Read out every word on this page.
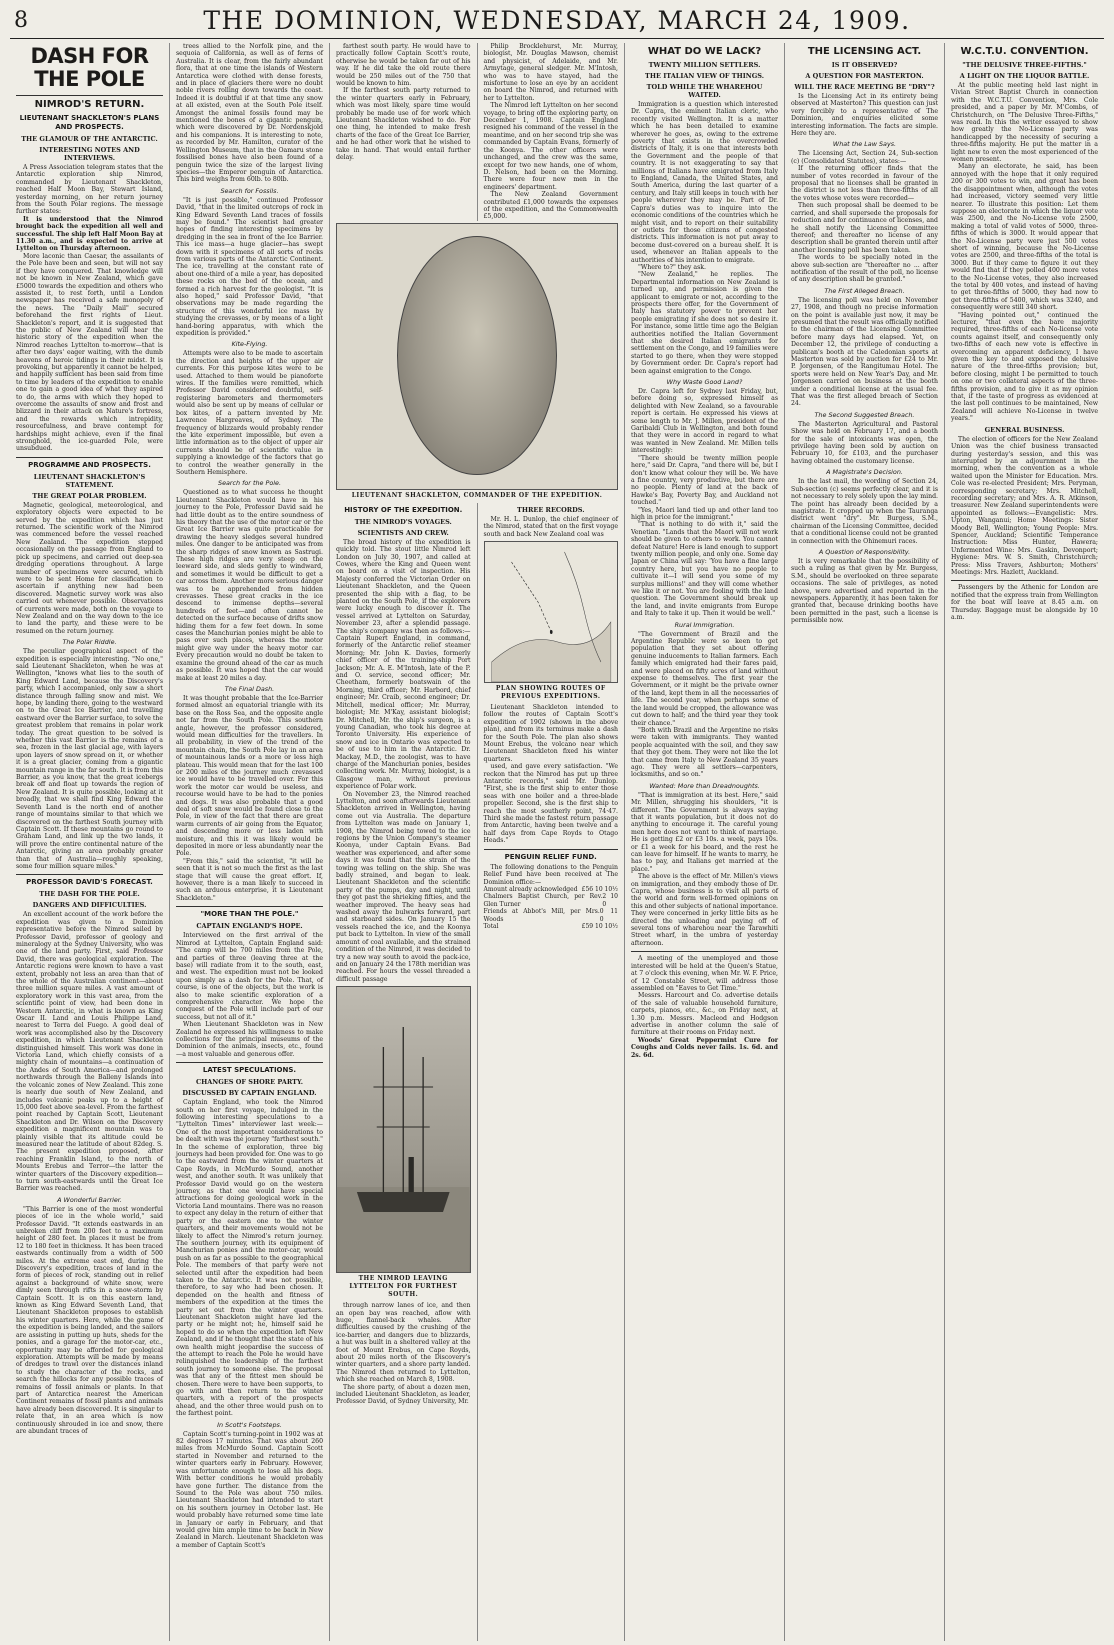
8	THE DOMINION, WEDNESDAY, MARCH 24, 1909.
DASH FOR THE POLE
NIMROD'S RETURN.
LIEUTENANT SHACKLETON'S PLANS AND PROSPECTS.
THE GLAMOUR OF THE ANTARCTIC.
INTERESTING NOTES AND INTERVIEWS.

A Press Association telegram states that the Antarctic exploration ship Nimrod, commanded by Lieutenant Shackleton, reached Half Moon Bay, Stewart Island, yesterday morning, on her return journey from the South Polar regions. The message further states:

It is understood that the Nimrod brought back the expedition all well and successful. The ship left Half Moon Bay at 11.30 a.m., and is expected to arrive at Lyttelton on Thursday afternoon.

More laconic than Caesar, the assailants of the Pole have been and seen, but will not say if they have conquered. That knowledge will not be known in New Zealand, which gave £5000 towards the expedition and others who assisted it, to rest forth, until a London newspaper has received a safe monopoly of the news. The "Daily Mail" secured beforehand the first rights of Lieut. Shackleton's report, and it is suggested that the public of New Zealand will hear the historic story of the expedition when the Nimrod reaches Lyttelton to-morrow—that is after two days' eager waiting, with the dumb heavens of heroic tidings in their midst. It is provoking, but apparently it cannot be helped, and happily sufficient has been said from time to time by leaders of the expedition to enable one to gain a good idea of what they aspired to do, the arms with which they hoped to overcome the assaults of snow and frost and blizzard in their attack on Nature's fortress, and the rewards which intrepidity, resourcefulness, and brave contempt for hardships might achieve, even if the final stronghold, the ice-guarded Pole, were unsubdued.

PROGRAMME AND PROSPECTS.
LIEUTENANT SHACKLETON'S STATEMENT.
THE GREAT POLAR PROBLEM.

Magnetic, geological, meteorological, and exploratory objects were expected to be served by the expedition which has just returned. The scientific work of the Nimrod was commenced before the vessel reached New Zealand. The expedition stepped occasionally on the passage from England to pick up specimens, and carried out deep-sea dredging operations throughout. A large number of specimens were secured, which were to be sent Home for classification to ascertain if anything new had been discovered. Magnetic survey work was also carried out whenever possible. Observations of currents were made, both on the voyage to New Zealand and on the way down to the ice to land the party, and these were to be resumed on the return journey.

The Polar Riddle.

The peculiar geographical aspect of the expedition is especially interesting. "No one," said Lieutenant Shackleton, when he was at Wellington, "knows what lies to the south of King Edward Land, because the Discovery's party, which I accompanied, only saw a short distance through falling snow and mist. We hope, by landing there, going to the westward on to the Great Ice Barrier, and travelling eastward over the Barrier surface, to solve the greatest problem that remains in polar work today. The great question to be solved is whether this vast Barrier is the remains of a sea, frozen in the last glacial age, with layers upon layers of snow spread on it, or whether it is a great glacier, coming from a gigantic mountain range in the far south. It is from this Barrier, as you know, that the great icebergs break off and float up towards the region of New Zealand. It is quite possible, looking at it broadly, that we shall find King Edward the Seventh Land is the north end of another range of mountains similar to that which we discovered on the farthest South journey with Captain Scott. If these mountains go round to Graham Land, and link up the two lands, it will prove the entire continental nature of the Antarctic, giving an area probably greater than that of Australia—roughly speaking, some four million square miles."

PROFESSOR DAVID'S FORECAST.
THE DASH FOR THE POLE.
DANGERS AND DIFFICULTIES.

An excellent account of the work before the expedition was given to a Dominion representative before the Nimrod sailed by Professor David, professor of geology and mineralogy at the Sydney University, who was one of the land party. First, said Professor David, there was geological exploration. The Antarctic regions were known to have a vast extent, probably not less an area than that of the whole of the Australian continent—about three million square miles. A vast amount of exploratory work in this vast area, from the scientific point of view, had been done in Western Antarctic, in what is known as King Oscar II. Land and Louis Philippe Land, nearest to Terra del Fuego. A good deal of work was accomplished also by the Discovery expedition, in which Lieutenant Shackleton distinguished himself. This work was done in Victoria Land, which chiefly consists of a mighty chain of mountains—a continuation of the Andes of South America—and prolonged northwards through the Balleny Islands into the volcanic zones of New Zealand. This zone is nearly due south of New Zealand, and includes volcanic peaks up to a height of 15,000 feet above sea-level. From the farthest point reached by Captain Scott, Lieutenant Shackleton and Dr. Wilson on the Discovery expedition a magnificent mountain was to plainly visible that its altitude could be measured near the latitude of about 82deg. S. The present expedition proposed, after reaching Franklin Island, to the north of Mounts Erebus and Terror—the latter the winter quarters of the Discovery expedition—to turn south-eastwards until the Great Ice Barrier was reached.

A Wonderful Barrier.

"This Barrier is one of the most wonderful pieces of ice in the whole world," said Professor David. "It extends eastwards in an unbroken cliff from 200 feet to a maximum height of 280 feet. In places it must be from 12 to 180 feet in thickness. It has been traced eastwards continually from a width of 500 miles. At the extreme east end, during the Discovery's expedition, traces of land in the form of pieces of rock, standing out in relief against a background of white snow, were dimly seen through rifts in a snow-storm by Captain Scott. It is on this eastern land, known as King Edward Seventh Land, that Lieutenant Shackleton proposes to establish his winter quarters. Here, while the game of the expedition is being landed, and the sailors are assisting in putting up huts, sheds for the ponies, and a garage for the motor-car, etc., opportunity may be afforded for geological exploration. Attempts will be made by means of dredges to trawl over the distances inland to study the character of the rocks, and search the hillocks for any possible traces of remains of fossil animals or plants. In that part of Antarctica nearest the American Continent remains of fossil plants and animals have already been discovered. It is singular to relate that, in an area which is now continuously shrouded in ice and snow, there are abundant traces of

trees allied to the Norfolk pine, and the sequoia of California, as well as of ferns of Australia. It is clear, from the fairly abundant flora, that at one time the islands of Western Antarctica were clothed with dense forests, and in place of glaciers there were no doubt noble rivers rolling down towards the coast. Indeed it is doubtful if at that time any snow at all existed, even at the South Pole itself. Amongst the animal fossils found may be mentioned the bones of a gigantic penguin, which were discovered by Dr. Nordenskjold and his companions. It is interesting to note, as recorded by Mr. Hamilton, curator of the Wellington Museum, that in the Oamaru stone fossilised bones have also been found of a penguin twice the size of the largest living species—the Emperor penguin of Antarctica. This bird weighs from 60lb. to 80lb.

Search for Fossils.

"It is just possible," continued Professor David, "that in the limited outcrops of rock in King Edward Seventh Land traces of fossils may be found." The scientist had greater hopes of finding interesting specimens by dredging in the sea in front of the Ice Barrier. This ice mass—a huge glacier—has swept down with it specimens of all sorts of rocks from various parts of the Antarctic Continent. The ice, travelling at the constant rate of about one-third of a mile a year, has deposited these rocks on the bed of the ocean, and formed a rich harvest for the geologist. "It is also hoped," said Professor David, "that observations may be made regarding the structure of this wonderful ice mass by studying the crevasses, or by means of a light hand-boring apparatus, with which the expedition is provided."

Kite-Flying.

Attempts were also to be made to ascertain the direction and heights of the upper air currents. For this purpose kites were to be used. Attached to them would be pianoforte wires. If the families were remitted, which Professor David considered doubtful, self-registering barometers and thermometers would also be sent up by means of cellular or box kites, of a pattern invented by Mr. Lawrence Hargreaves, of Sydney. The frequency of blizzards would probably render the kite experiment impossible, but even a little information as to the object of upper air currents should be of scientific value in supplying a knowledge of the factors that go to control the weather generally in the Southern Hemisphere.

Search for the Pole.

Questioned as to what success he thought Lieutenant Shackleton would have in his journey to the Pole, Professor David said he had little doubt as to the entire soundness of his theory that the use of the motor car or the Great Ice Barrier was quite practicable for drawing the heavy sledges several hundred miles. One danger to be anticipated was from the sharp ridges of snow known as Sastrugi. These high ridges are very steep on the leeward side, and sleds gently to windward, and sometimes it would be difficult to get a car across them. Another more serious danger was to be apprehended from hidden crevasses. These great cracks in the ice descend to immense depths—several hundreds of feet—and often cannot be detected on the surface because of drifts snow hiding them for a few feet down. In some cases the Manchurian ponies might be able to pass over such places, whereas the motor might give way under the heavy motor car. Every precaution would no doubt be taken to examine the ground ahead of the car as much as possible. It was hoped that the car would make at least 20 miles a day.

The Final Dash.

It was thought probable that the Ice-Barrier formed almost an equatorial triangle with its base on the Ross Sea, and the opposite angle not far from the South Pole. This southern angle, however, the professor considered, would mean difficulties for the travellers. In all probability, in view of the trend of the mountain chain, the South Pole lay in an area of mountainous lands or a more or less high plateau. This would mean that for the last 100 or 200 miles of the journey much crevassed ice would have to be travelled over. For this work the motor car would be useless, and recourse would have to be had to the ponies and dogs. It was also probable that a good deal of soft snow would be found close to the Pole, in view of the fact that there are great warm currents of air going from the Equator, and descending more or less laden with moisture, and this it was likely would be deposited in more or less abundantly near the Pole.

"From this," said the scientist, "it will be seen that it is not so much the first as the last stage that will cause the great effort. If, however, there is a man likely to succeed in such an arduous enterprise, it is Lieutenant Shackleton."

"MORE THAN THE POLE."
CAPTAIN ENGLAND'S HOPE.

Interviewed on the first arrival of the Nimrod at Lyttelton, Captain England said: "The camp will be 700 miles from the Pole, and parties of three (leaving three at the base) will radiate from it to the south, east, and west. The expedition must not be looked upon simply as a dash for the Pole. That, of course, is one of the objects, but the work is also to make scientific exploration of a comprehensive character. We hope the conquest of the Pole will include part of our success, but not all of it."

When Lieutenant Shackleton was in New Zealand he expressed his willingness to make collections for the principal museums of the Dominion of the animals, insects, etc., found —a most valuable and generous offer.

LATEST SPECULATIONS.
CHANGES OF SHORE PARTY.
DISCUSSED BY CAPTAIN ENGLAND.

Captain England, who took the Nimrod south on her first voyage, indulged in the following interesting speculations to a "Lyttelton Times" interviewer last week:— One of the most important considerations to be dealt with was the journey "farthest south." In the scheme of exploration, three big journeys had been provided for. One was to go to the eastward from the winter quarters at Cape Royds, in McMurdo Sound, another west, and another south. It was unlikely that Professor David would go on the western journey, as that one would have special attractions for doing geological work in the Victoria Land mountains. There was no reason to expect any delay in the return of either that party or the eastern one to the winter quarters, and their movements would not be likely to affect the Nimrod's return journey. The southern journey, with its equipment of Manchurian ponies and the motor-car, would push on as far as possible to the geographical Pole. The members of that party were not selected until after the expedition had been taken to the Antarctic. It was not possible, therefore, to say who had been chosen. It depended on the health and fitness of members of the expedition at the times the party set out from the winter quarters. Lieutenant Shackleton might have led the party or he might not; he, himself said he hoped to do so when the expedition left New Zealand, and if he thought that the state of his own health might jeopardise the success of the attempt to reach the Pole he would have relinquished the leadership of the farthest south journey to someone else. The proposal was that any of the fittest men should be chosen. There were to have been supports, to go with and then return to the winter quarters, with a report of the prospects ahead, and the other three would push on to the farthest point.

In Scott's Footsteps.

Captain Scott's turning-point in 1902 was at 82 degrees 17 minutes. That was about 260 miles from McMurdo Sound. Captain Scott started in November and returned to the winter quarters early in February. However, was unfortunate enough to lose all his dogs. With better conditions he would probably have gone further. The distance from the Sound to the Pole was about 750 miles. Lieutenant Shackleton had intended to start on his southern journey in October last. He would probably have returned some time late in January or early in February, and that would give him ample time to be back in New Zealand in March. Lieutenant Shackleton was a member of Captain Scott's

farthest south party. He would have to practically follow Captain Scott's route, otherwise he would be taken far out of his way. If he did take the old route there would be 250 miles out of the 750 that would be known to him.

If the farthest south party returned to the winter quarters early in February, which was most likely, spare time would probably be made use of for work which Lieutenant Shackleton wished to do. For one thing, he intended to make fresh charts of the face of the Great Ice Barrier, and he had other work that he wished to take in hand. That would entail further delay.

Philip Brocklehurst, Mr. Murray, biologist, Mr. Douglas Mawson, chemist and physicist, of Adelaide, and Mr. Armytage, general sledger. Mr. M'Intosh, who was to have stayed, had the misfortune to lose an eye by an accident on board the Nimrod, and returned with her to Lyttelton.

The Nimrod left Lyttelton on her second voyage, to bring off the exploring party, on December 1, 1908. Captain England resigned his command of the vessel in the meantime, and on her second trip she was commanded by Captain Evans, formerly of the Koonya. The other officers were unchanged, and the crew was the same, except for two new hands, one of whom, D. Nelson, had been on the Morning. There were four new men in the engineers' department.

The New Zealand Government contributed £1,000 towards the expenses of the expedition, and the Commonwealth £5,000.

LIEUTENANT SHACKLETON, COMMANDER OF THE EXPEDITION.
HISTORY OF THE EXPEDITION.
THE NIMROD'S VOYAGES.
SCIENTISTS AND CREW.

The broad history of the expedition is quickly told. The stout little Nimrod left London on July 30, 1907, and called at Cowes, where the King and Queen went on board on a visit of inspection. His Majesty conferred the Victorian Order on Lieutenant Shackleton, and the Queen presented the ship with a flag, to be planted on the South Pole, if the explorers were lucky enough to discover it. The vessel arrived at Lyttelton on Saturday, November 23, after a splendid passage. The ship's company was then as follows:—Captain Rupert England, in command, formerly of the Antarctic relief steamer Morning; Mr. John K. Davies, formerly chief officer of the training-ship Port Jackson; Mr. A. E. M'Intosh, late of the P. and O. service, second officer; Mr. Cheetham, formerly boatswain of the Morning, third officer; Mr. Harbord, chief engineer; Mr. Craib, second engineer; Dr. Mitchell, medical officer; Mr. Murray, biologist; Mr. M'Kay, assistant biologist; Dr. Mitchell, Mr. the ship's surgeon, is a young Canadian, who took his degree at Toronto University. His experience of snow and ice in Ontario was expected to be of use to him in the Antarctic. Dr. Mackay, M.D., the zoologist, was to have charge of the Manchurian ponies, besides collecting work. Mr. Murray, biologist, is a Glasgow man, without previous experience of Polar work.

On November 23, the Nimrod reached Lyttelton, and soon afterwards Lieutenant Shackleton arrived in Wellington, having come out via Australia. The departure from Lyttelton was made on January 1, 1908, the Nimrod being towed to the ice regions by the Union Company's steamer Koonya, under Captain Evans. Bad weather was experienced, and after some days it was found that the strain of the towing was telling on the ship. She was badly strained, and began to leak. Lieutenant Shackleton and the scientific party of the pumps, day and night, until they got past the shrieking fifties, and the weather improved. The heavy seas had washed away the bulwarks forward, part and starboard sides. On January 15 the vessels reached the ice, and the Koonya put back to Lyttelton. In view of the small amount of coal available, and the strained condition of the Nimrod, it was decided to try a new way south to avoid the pack-ice, and on January 24 the 178th meridian was reached. For hours the vessel threaded a difficult passage

THE NIMROD LEAVING LYTTELTON FOR FURTHEST SOUTH.

through narrow lanes of ice, and then an open bay was reached, aflow with huge, flannel-back whales. After difficulties caused by the crushing of the ice-barrier, and dangers due to blizzards, a hut was built in a sheltered valley at the foot of Mount Erebus, on Cape Royds, about 20 miles north of the Discovery's winter quarters, and a shore party landed. The Nimrod then returned to Lyttelton, which she reached on March 8, 1908.

The shore party, of about a dozen men, included Lieutenant Shackleton, as leader, Professor David, of Sydney University, Mr.

THREE RECORDS.

Mr. H. L. Dunlop, the chief engineer of the Nimrod, stated that on the first voyage south and back New Zealand coal was

PLAN SHOWING ROUTES OF PREVIOUS EXPEDITIONS.

Lieutenant Shackleton intended to follow the routes of Captain Scott's expedition of 1902 (shown in the above plan), and from its terminus make a dash for the South Pole. The plan also shows Mount Erebus, the volcano near which Lieutenant Shackleton fixed his winter quarters.

used, and gave every satisfaction. "We reckon that the Nimrod has put up three Antarctic records," said Mr. Dunlop. "First, she is the first ship to enter those seas with one boiler and a three-blade propeller. Second, she is the first ship to reach the most southerly point, 74·47. Third she made the fastest return passage from Antarctic, having been twelve and a half days from Cape Royds to Otago Heads."

PENGUIN RELIEF FUND.

The following donations to the Penguin Relief Fund have been received at The Dominion office:—

Amount already acknowledged £56 10 10½
Chalmers Baptist Church, per Rev. Glen Turner
2 10 0
Friends at Abbot's Mill, per Mrs. Woods
0 11 0
Total	£59 10 10½
WHAT DO WE LACK?
TWENTY MILLION SETTLERS.
THE ITALIAN VIEW OF THINGS.
TOLD WHILE THE WHAREHOU WAITED.

Immigration is a question which interested Dr. Capra, the eminent Italian cleric, who recently visited Wellington. It is a matter which he has been detailed to examine wherever he goes, as, owing to the extreme poverty that exists in the overcrowded districts of Italy, it is one that interests both the Government and the people of that country. It is not exaggerating to say that millions of Italians have emigrated from Italy to England, Canada, the United States, and South America, during the last quarter of a century, and Italy still keeps in touch with her people wherever they may be. Part of Dr. Capra's duties was to inquire into the economic conditions of the countries which he might visit, and to report on their suitability or outlets for those citizens of congested districts. This information is not put away to become dust-covered on a bureau shelf. It is used, whenever an Italian appeals to the authorities of his intention to emigrate.

"Where to?" they ask.

"New Zealand," he replies. The Departmental information on New Zealand is turned up, and permission is given the applicant to emigrate or not, according to the prospects there offer, for the Government of Italy has statutory power to prevent her people emigrating if she does not so desire it. For instance, some little time ago the Belgian authorities notified the Italian Government that she desired Italian emigrants for settlement on the Congo, and 19 families were started to go there, when they were stopped by Government order. Dr. Capra's report had been against emigration to the Congo.

Why Waste Good Land?

Dr. Capra left for Sydney last Friday, but, before doing so, expressed himself as delighted with New Zealand, so a favourable report is certain. He expressed his views at some length to Mr. J. Millen, president of the Garibaldi Club in Wellington, and both found that they were in accord in regard to what was wanted in New Zealand. Mr. Millen tells interestingly:

"There should be twenty million people here," said Dr. Capra, "and there will be, but I don't know what colour they will be. We have a fine country, very productive, but there are no people. Plenty of land at the back of Hawke's Bay, Poverty Bay, and Auckland not touched."

"Yes, Maori land tied up and other land too high in price for the immigrant."

"That is nothing to do with it," said the Venetian. "Lands that the Maori will not work should be given to others to work. You cannot defeat Nature! Here is land enough to support twenty million people, and only one. Some day Japan or China will say: 'You have a fine large country here, but you have no people to cultivate it—I will send you some of my surplus millions!' and they will come whether we like it or not. You are fooling with the land question. The Government should break up the land, and invite emigrants from Europe and Italy to take it up. Then it would be well."

Rural Immigration.

"The Government of Brazil and the Argentine Republic were so keen to get population that they set about offering genuine inducements to Italian farmers. Each family which emigrated had their fares paid, and were placed on fifty acres of land without expense to themselves. The first year the Government, or it might be the private owner of the land, kept them in all the necessaries of life. The second year, when perhaps some of the land would be cropped, the allowance was cut down to half; and the third year they took their chance."

"Both with Brazil and the Argentine no risks were taken with immigrants. They wanted people acquainted with the soil, and they saw that they got them. They were not like the lot that came from Italy to New Zealand 35 years ago. They were all settlers—carpenters, locksmiths, and so on."

Wanted: More than Dreadnoughts.

"That is immigration at its best. Here," said Mr. Millen, shrugging his shoulders, "it is different. The Government is always saying that it wants population, but it does not do anything to encourage it. The careful young men here does not want to think of marriage. He is getting £2 or £3 10s. a week, pays 10s. or £1 a week for his board, and the rest he can leave for himself. If he wants to marry, he has to pay, and Italians get married at the place."

The above is the effect of Mr. Millen's views on immigration, and they embody those of Dr. Capra, whose business is to visit all parts of the world and form well-formed opinions on this and other subjects of national importance. They were concerned in jerky little bits as he directed the unloading and paying off of several tons of wharehou near the Tarawhiti Street wharf, in the umbra of yesterday afternoon.

A meeting of the unemployed and those interested will be held at the Queen's Statue, at 7 o'clock this evening, when Mr. W. F. Price, of 12 Constable Street, will address those assembled on "Eaves to Get Time."

Messrs. Harcourt and Co. advertise details of the sale of valuable household furniture, carpets, pianos, etc., &c., on Friday next, at 1.30 p.m. Messrs. Macleod and Hodgson advertise in another column the sale of furniture at their rooms on Friday next.

Woods' Great Peppermint Cure for Coughs and Colds never fails. 1s. 6d. and 2s. 6d.

THE LICENSING ACT.
IS IT OBSERVED?
A QUESTION FOR MASTERTON.
WILL THE RACE MEETING BE "DRY"?

Is the Licensing Act in its entirety being observed at Masterton? This question can just very forcibly to a representative of The Dominion, and enquiries elicited some interesting information. The facts are simple. Here they are.

What the Law Says.

The Licensing Act, Section 24, Sub-section (c) (Consolidated Statutes), states:—

If the returning officer finds that the number of votes recorded in favour of the proposal that no licenses shall be granted in the district is not less than three-fifths of all the votes whose votes were recorded—

Then such proposal shall be deemed to be carried, and shall supersede the proposals for reduction and for continuance of licenses, and he shall notify the Licensing Committee thereof; and thereafter no license of any description shall be granted therein until after another licensing poll has been taken.

The words to be specially noted in the above sub-section are "thereafter no ... after notification of the result of the poll, no license of any description shall be granted."

The First Alleged Breach.

The licensing poll was held on November 27, 1908, and though no precise information on the point is available just now, it may be presumed that the result was officially notified to the chairman of the Licensing Committee before many days had elapsed. Yet, on December 12, the privilege of conducting a publican's booth at the Caledonian sports at Masterton was sold by auction for £24 to Mr. P. Jorgensen, of the Rangitumau Hotel. The sports were held on New Year's Day, and Mr. Jorgensen carried on business at the booth under a conditional license at the usual fee. That was the first alleged breach of Section 24.

The Second Suggested Breach.

The Masterton Agricultural and Pastoral Show was held on February 17, and a booth for the sale of intoxicants was open, the privilege having been sold by auction on February 10, for £103, and the purchaser having obtained the customary license.

A Magistrate's Decision.

In the last mail, the wording of Section 24, Sub-section (c) seems perfectly clear, and it is not necessary to rely solely upon the lay mind. The point has already been decided by a magistrate. It cropped up when the Tauranga district went "dry". Mr. Burgess, S.M., chairman of the Licensing Committee, decided that a conditional license could not be granted in connection with the Ohinemuri races.

A Question of Responsibility.

It is very remarkable that the possibility of such a ruling as that given by Mr. Burgess, S.M., should be overlooked on three separate occasions. The sale of privileges, as noted above, were advertised and reported in the newspapers. Apparently, it has been taken for granted that, because drinking booths have been permitted in the past, such a license is permissible now.

W.C.T.U. CONVENTION.
"THE DELUSIVE THREE-FIFTHS."
A LIGHT ON THE LIQUOR BATTLE.

At the public meeting held last night in Vivian Street Baptist Church in connection with the W.C.T.U. Convention, Mrs. Cole presided, and a paper by Mr. M'Combs, of Christchurch, on "The Delusive Three-Fifths," was read. In this the writer essayed to show how greatly the No-License party was handicapped by the necessity of securing a three-fifths majority. He put the matter in a light new to even the most experienced of the women present.

Many an electorate, he said, has been annoyed with the hope that it only required 200 or 300 votes to win, and great has been the disappointment when, although the votes had increased, victory seemed very little nearer. To illustrate this position: Let them suppose an electorate in which the liquor vote was 2500, and the No-License vote 2500, making a total of valid votes of 5000, three-fifths of which is 3000. It would appear that the No-License party were just 500 votes short of winning, because the No-License votes are 2500, and three-fifths of the total is 3000. But if they came to figure it out they would find that if they polled 400 more votes to the No-License votes, they also increased the total by 400 votes, and instead of having to get three-fifths of 5000, they had now to get three-fifths of 5400, which was 3240, and consequently were still 340 short.

"Having pointed out," continued the lecturer, "that even the bare majority required, three-fifths of each No-license vote counts against itself, and consequently only two-fifths of each new vote is effective in overcoming an apparent deficiency, I have given the key to and exposed the delusive nature of the three-fifths provision; but, before closing, might I be permitted to touch on one or two collateral aspects of the three-fifths provision, and to give it as my opinion that, if the taste of progress as evidenced at the last poll continues to be maintained, New Zealand will achieve No-License in twelve years."

GENERAL BUSINESS.

The election of officers for the New Zealand Union was the chief business transacted during yesterday's session, and this was interrupted by an adjournment in the morning, when the convention as a whole waited upon the Minister for Education. Mrs. Cole was re-elected President; Mrs. Peryman, corresponding secretary; Mrs. Mitchell, recording secretary; and Mrs. A. R. Atkinson, treasurer. New Zealand superintendents were appointed as follows:—Evangelistic: Mrs. Upton, Wanganui; Home Meetings: Sister Moody Bell, Wellington; Young People: Mrs. Spencer, Auckland; Scientific Temperance Instruction: Miss Hunter, Hawera; Unfermented Wine: Mrs. Gaskin, Devonport; Hygiene: Mrs. W. S. Smith, Christchurch; Press: Miss Travers, Ashburton; Mothers' Meetings: Mrs. Hazlett, Auckland.

Passengers by the Athenic for London are notified that the express train from Wellington for the boat will leave at 8.45 a.m. on Thursday. Baggage must be alongside by 10 a.m.
